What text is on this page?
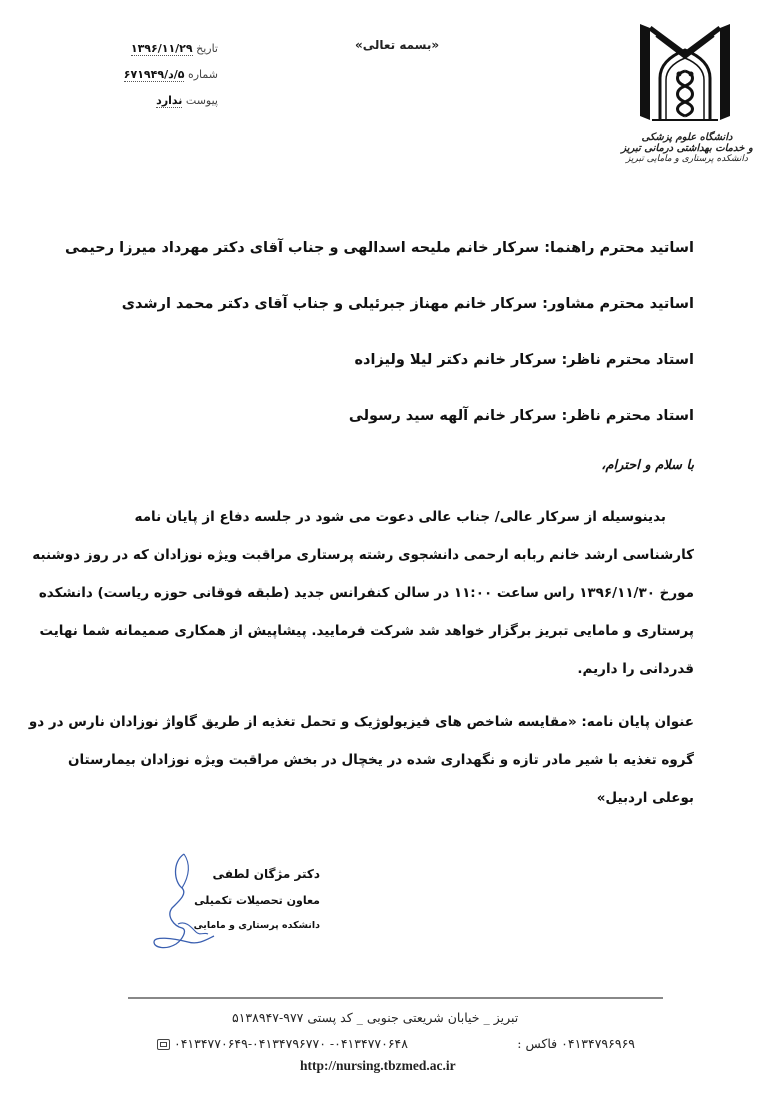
تاریخ ۱۳۹۶/۱۱/۲۹
شماره ۵/د/۶۷۱۹۴۹
پیوست ندارد
«بسمه تعالی»
دانشگاه علوم پزشکی
و خدمات بهداشتی درمانی تبریز
دانشکده پرستاری و مامایی تبریز
اساتید محترم راهنما: سرکار خانم ملیحه اسدالهی و جناب آقای دکتر مهرداد میرزا رحیمی
اساتید محترم مشاور: سرکار خانم مهناز جبرئیلی و جناب آقای دکتر محمد ارشدی
استاد محترم ناظر: سرکار خانم دکتر لیلا ولیزاده
استاد محترم ناظر: سرکار خانم آلهه سید رسولی
با سلام و احترام،
بدینوسیله از سرکار عالی/ جناب عالی دعوت می شود در جلسه دفاع از پایان نامه
کارشناسی ارشد خانم ربابه ارحمی دانشجوی رشته پرستاری مراقبت ویژه نوزادان که در روز دوشنبه
مورخ ۱۳۹۶/۱۱/۳۰ راس ساعت ۱۱:۰۰ در سالن کنفرانس جدید (طبقه فوقانی حوزه ریاست) دانشکده
پرستاری و مامایی تبریز برگزار خواهد شد شرکت فرمایید. پیشاپیش از همکاری صمیمانه شما نهایت
قدردانی را داریم.
عنوان پایان نامه: «مقایسه شاخص های فیزیولوژیک و تحمل تغذیه از طریق گاواژ نوزادان نارس در دو
گروه تغذیه با شیر مادر تازه و نگهداری شده در یخچال در بخش مراقبت ویژه نوزادان بیمارستان
بوعلی اردبیل»
دکتر مژگان لطفی
معاون تحصیلات تکمیلی
دانشکده پرستاری و مامایی
تبریز _ خیابان شریعتی جنوبی _ کد پستی ۹۷۷-۵۱۳۸۹۴۷
۰۴۱۳۴۷۹۶۹۶۹ فاکس :
۰۴۱۳۴۷۷۰۶۴۸- ۰۴۱۳۴۷۷۰۶۴۹-۰۴۱۳۴۷۹۶۷۷۰
http://nursing.tbzmed.ac.ir
